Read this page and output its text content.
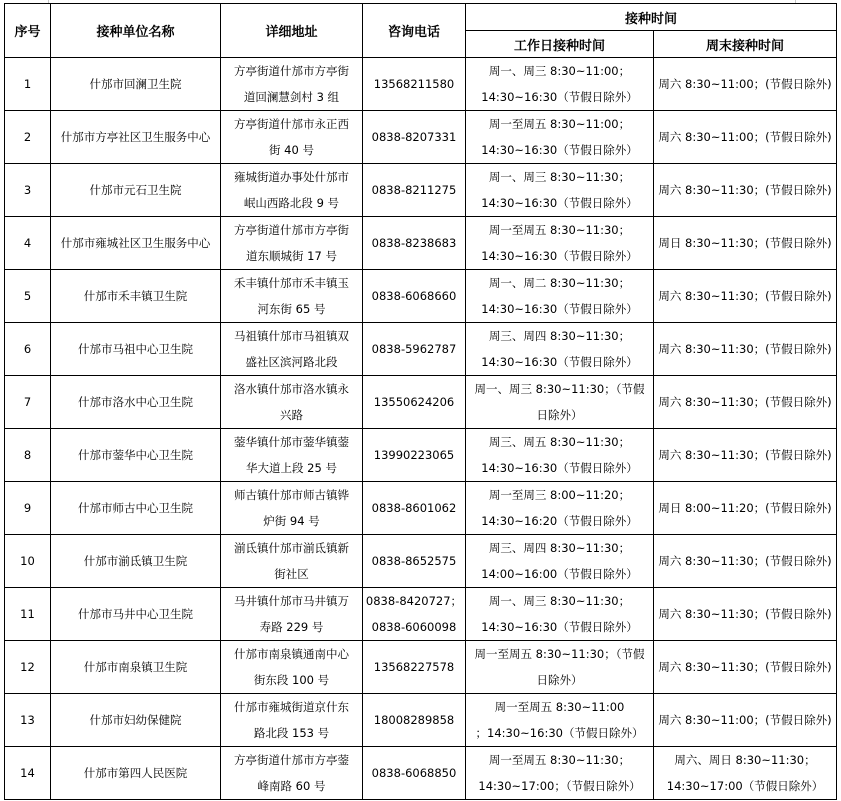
序号	接种单位名称	详细地址	咨询电话	接种时间	
				工作日接种时间	周末接种时间
1	什邡市回澜卫生院	方亭街道什邡市方亭街
道回澜慧剑村 3 组	13568211580	周一、周三 8:30~11:00；
14:30~16:30（节假日除外）	周六 8:30~11:00；(节假日除外)

2	什邡市方亭社区卫生服务中心	方亭街道什邡市永正西
街 40 号	0838-8207331	周一至周五 8:30~11:00；
14:30~16:30（节假日除外）	周六 8:30~11:00；(节假日除外)

3	什邡市元石卫生院	雍城街道办事处什邡市
岷山西路北段 9 号	0838-8211275	周一、周三 8:30~11:30；
14:30~16:30（节假日除外）	周六 8:30~11:30；(节假日除外)

4	什邡市雍城社区卫生服务中心	方亭街道什邡市方亭街
道东顺城街 17 号	0838-8238683	周一至周五 8:30~11:30；
14:30~16:30（节假日除外）	周日 8:30~11:30；(节假日除外)

5	什邡市禾丰镇卫生院	禾丰镇什邡市禾丰镇玉
河东街 65 号	0838-6068660	周一、周二 8:30~11:30；
14:30~16:30（节假日除外）	周六 8:30~11:30；(节假日除外)

6	什邡市马祖中心卫生院	马祖镇什邡市马祖镇双
盛社区滨河路北段	0838-5962787	周三、周四 8:30~11:30；
14:30~16:30（节假日除外）	周六 8:30~11:30；(节假日除外)

7	什邡市洛水中心卫生院	洛水镇什邡市洛水镇永
兴路	13550624206	周一、周三 8:30~11:30；（节假
日除外）	周六 8:30~11:30；(节假日除外)

8	什邡市蓥华中心卫生院	蓥华镇什邡市蓥华镇蓥
华大道上段 25 号	13990223065	周三、周五 8:30~11:30；
14:30~16:30（节假日除外）	周六 8:30~11:30；(节假日除外)

9	什邡市师古中心卫生院	师古镇什邡市师古镇铧
炉街 94 号	0838-8601062	周一至周三 8:00~11:20；
14:30~16:20（节假日除外）	周日 8:00~11:20；(节假日除外)

10	什邡市湔氐镇卫生院	湔氐镇什邡市湔氐镇新
街社区	0838-8652575	周三、周四 8:30~11:30；
14:00~16:00（节假日除外）	周六 8:30~11:30；(节假日除外)

11	什邡市马井中心卫生院	马井镇什邡市马井镇万
寿路 229 号	0838-8420727；
0838-6060098	周一、周三 8:30~11:30；
14:30~16:30（节假日除外）	周六 8:30~11:30；(节假日除外)

12	什邡市南泉镇卫生院	什邡市南泉镇通南中心
街东段 100 号	13568227578	周一至周五 8:30~11:30；（节假
日除外）	周六 8:30~11:30；(节假日除外)

13	什邡市妇幼保健院	什邡市雍城街道京什东
路北段 153 号	18008289858	周一至周五 8:30~11:00
；14:30~16:30（节假日除外）	周六 8:30~11:00；(节假日除外)

14	什邡市第四人民医院	方亭街道什邡市方亭蓥
峰南路 60 号	0838-6068850	周一至周五 8:30~11:30；
14:30~17:00；（节假日除外）	周六、周日 8:30~11:30；
14:30~17:00（节假日除外）
